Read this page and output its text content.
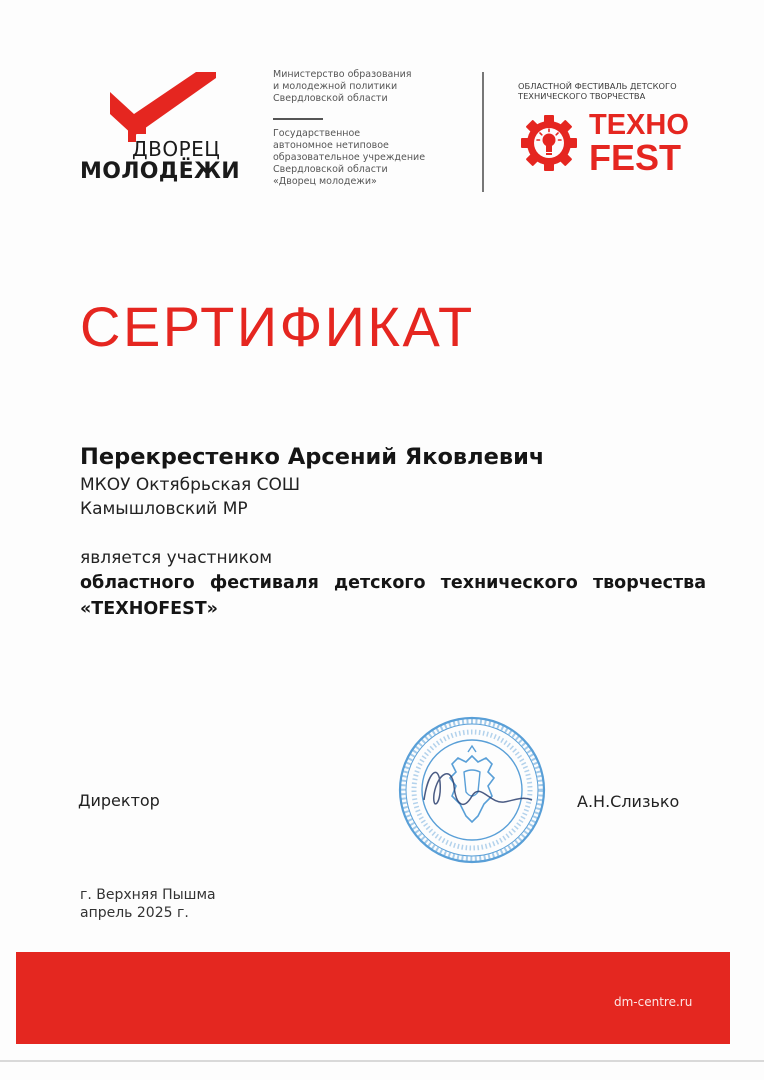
ДВОРЕЦ
МОЛОДЁЖИ
Министерство образования
и молодежной политики
Свердловской области
Государственное
автономное нетиповое
образовательное учреждение
Свердловской области
«Дворец молодежи»
ОБЛАСТНОЙ ФЕСТИВАЛЬ ДЕТСКОГО
ТЕХНИЧЕСКОГО ТВОРЧЕСТВА
ТЕХНО
FEST
СЕРТИФИКАТ
Перекрестенко Арсений Яковлевич
МКОУ Октябрьская СОШ
Камышловский МР
является участником
областного фестиваля детского технического творчества «TEXHOFEST»
Директор	А.Н.Слизько
г. Верхняя Пышма
апрель 2025 г.
dm-centre.ru
